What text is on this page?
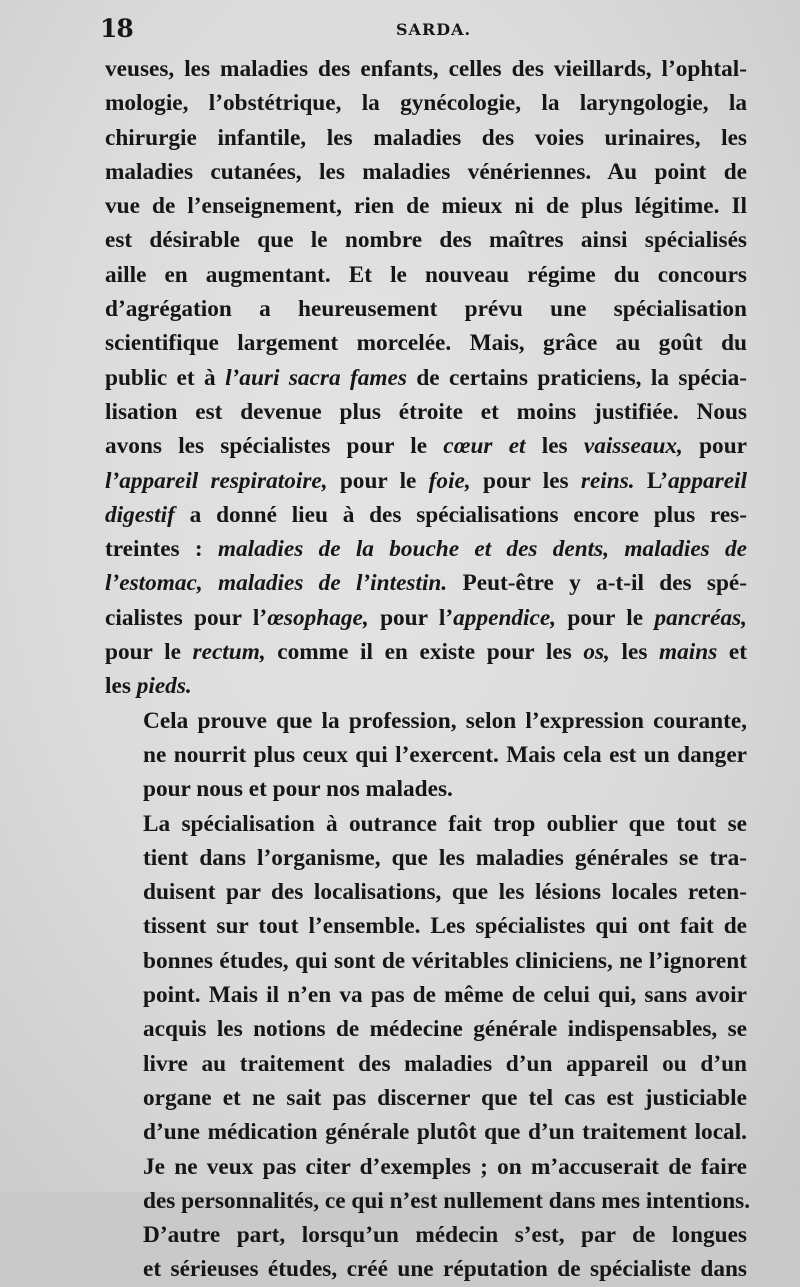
18	SARDA.

veuses, les maladies des enfants, celles des vieillards, l’ophtal-
mologie, l’obstétrique, la gynécologie, la laryngologie, la
chirurgie infantile, les maladies des voies urinaires, les
maladies cutanées, les maladies vénériennes. Au point de
vue de l’enseignement, rien de mieux ni de plus légitime. Il
est désirable que le nombre des maîtres ainsi spécialisés
aille en augmentant. Et le nouveau régime du concours
d’agrégation a heureusement prévu une spécialisation
scientifique largement morcelée. Mais, grâce au goût du
public et à l’auri sacra fames de certains praticiens, la spécia-
lisation est devenue plus étroite et moins justifiée. Nous
avons les spécialistes pour le cœur et les vaisseaux, pour
l’appareil respiratoire, pour le foie, pour les reins. L’appareil
digestif a donné lieu à des spécialisations encore plus res-
treintes : maladies de la bouche et des dents, maladies de
l’estomac, maladies de l’intestin. Peut-être y a-t-il des spé-
cialistes pour l’œsophage, pour l’appendice, pour le pancréas,
pour le rectum, comme il en existe pour les os, les mains et
les pieds.

Cela prouve que la profession, selon l’expression courante,
ne nourrit plus ceux qui l’exercent. Mais cela est un danger
pour nous et pour nos malades.

La spécialisation à outrance fait trop oublier que tout se
tient dans l’organisme, que les maladies générales se tra-
duisent par des localisations, que les lésions locales reten-
tissent sur tout l’ensemble. Les spécialistes qui ont fait de
bonnes études, qui sont de véritables cliniciens, ne l’ignorent
point. Mais il n’en va pas de même de celui qui, sans avoir
acquis les notions de médecine générale indispensables, se
livre au traitement des maladies d’un appareil ou d’un
organe et ne sait pas discerner que tel cas est justiciable
d’une médication générale plutôt que d’un traitement local.
Je ne veux pas citer d’exemples ; on m’accuserait de faire
des personnalités, ce qui n’est nullement dans mes intentions.

D’autre part, lorsqu’un médecin s’est, par de longues
et sérieuses études, créé une réputation de spécialiste dans
